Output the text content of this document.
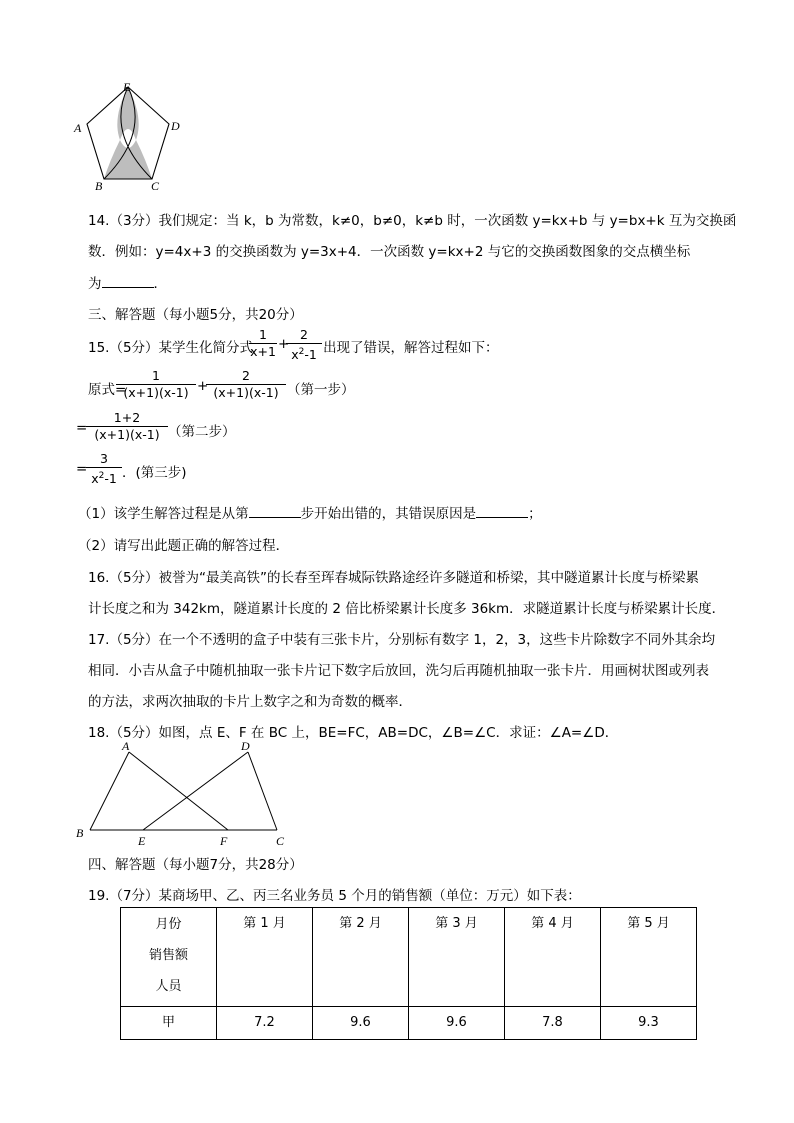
E
A	D
B	C
14.（3分）我们规定：当 k，b 为常数，k≠0，b≠0，k≠b 时，一次函数 y=kx+b 与 y=bx+k 互为交换函
数．例如：y=4x+3 的交换函数为 y=3x+4．一次函数 y=kx+2 与它的交换函数图象的交点横坐标
为	．
三、解答题（每小题5分，共20分）
15.（5分）某学生化简分式	出现了错误，解答过程如下：
$\frac{1}{x+1}$ +
$\frac{2}{x^2-1}$
原式=
$\frac{1}{(x+1)(x-1)}$ +
$\frac{2}{(x+1)(x-1)}$ （第一步）
=
$\frac{1+2}{(x+1)(x-1)}$ （第二步）
=
$\frac{3}{x^2-1}$ ．(第三步)
（1）该学生解答过程是从第	步开始出错的，其错误原因是	；
（2）请写出此题正确的解答过程．
16.（5分）被誉为“最美高铁”的长春至珲春城际铁路途经许多隧道和桥梁，其中隧道累计长度与桥梁累
计长度之和为 342km，隧道累计长度的 2 倍比桥梁累计长度多 36km．求隧道累计长度与桥梁累计长度．
17.（5分）在一个不透明的盒子中装有三张卡片，分别标有数字 1，2，3，这些卡片除数字不同外其余均
相同．小吉从盒子中随机抽取一张卡片记下数字后放回，洗匀后再随机抽取一张卡片．用画树状图或列表
的方法，求两次抽取的卡片上数字之和为奇数的概率．
18.（5分）如图，点 E、F 在 BC 上，BE=FC，AB=DC，∠B=∠C．求证：∠A=∠D．
A	D
B
E	F	C
四、解答题（每小题7分，共28分）
19.（7分）某商场甲、乙、丙三名业务员 5 个月的销售额（单位：万元）如下表：
月份
销售额
人员	第 1 月	第 2 月	第 3 月	第 4 月	第 5 月
甲	7.2	9.6	9.6	7.8	9.3
